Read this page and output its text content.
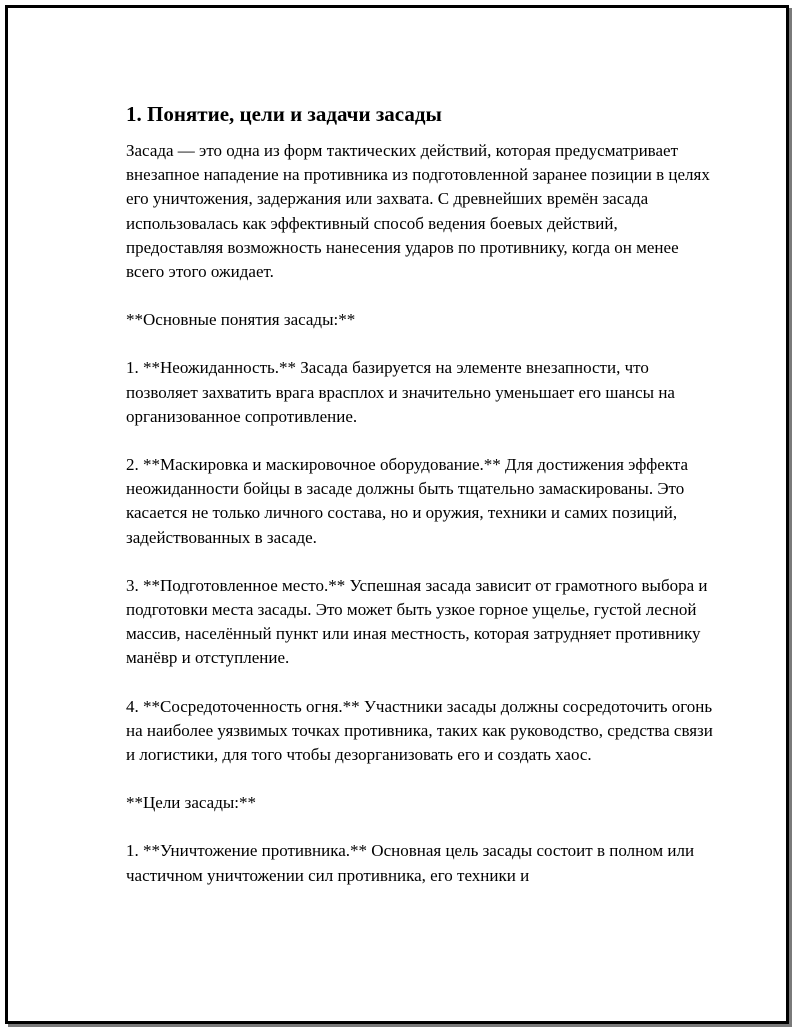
1. Понятие, цели и задачи засады

Засада — это одна из форм тактических действий, которая предусматривает внезапное нападение на противника из подготовленной заранее позиции в целях его уничтожения, задержания или захвата. С древнейших времён засада использовалась как эффективный способ ведения боевых действий, предоставляя возможность нанесения ударов по противнику, когда он менее всего этого ожидает.

**Основные понятия засады:**

1. **Неожиданность.** Засада базируется на элементе внезапности, что позволяет захватить врага врасплох и значительно уменьшает его шансы на организованное сопротивление.

2. **Маскировка и маскировочное оборудование.** Для достижения эффекта неожиданности бойцы в засаде должны быть тщательно замаскированы. Это касается не только личного состава, но и оружия, техники и самих позиций, задействованных в засаде.

3. **Подготовленное место.** Успешная засада зависит от грамотного выбора и подготовки места засады. Это может быть узкое горное ущелье, густой лесной массив, населённый пункт или иная местность, которая затрудняет противнику манёвр и отступление.

4. **Сосредоточенность огня.** Участники засады должны сосредоточить огонь на наиболее уязвимых точках противника, таких как руководство, средства связи и логистики, для того чтобы дезорганизовать его и создать хаос.

**Цели засады:**

1. **Уничтожение противника.** Основная цель засады состоит в полном или частичном уничтожении сил противника, его техники и
